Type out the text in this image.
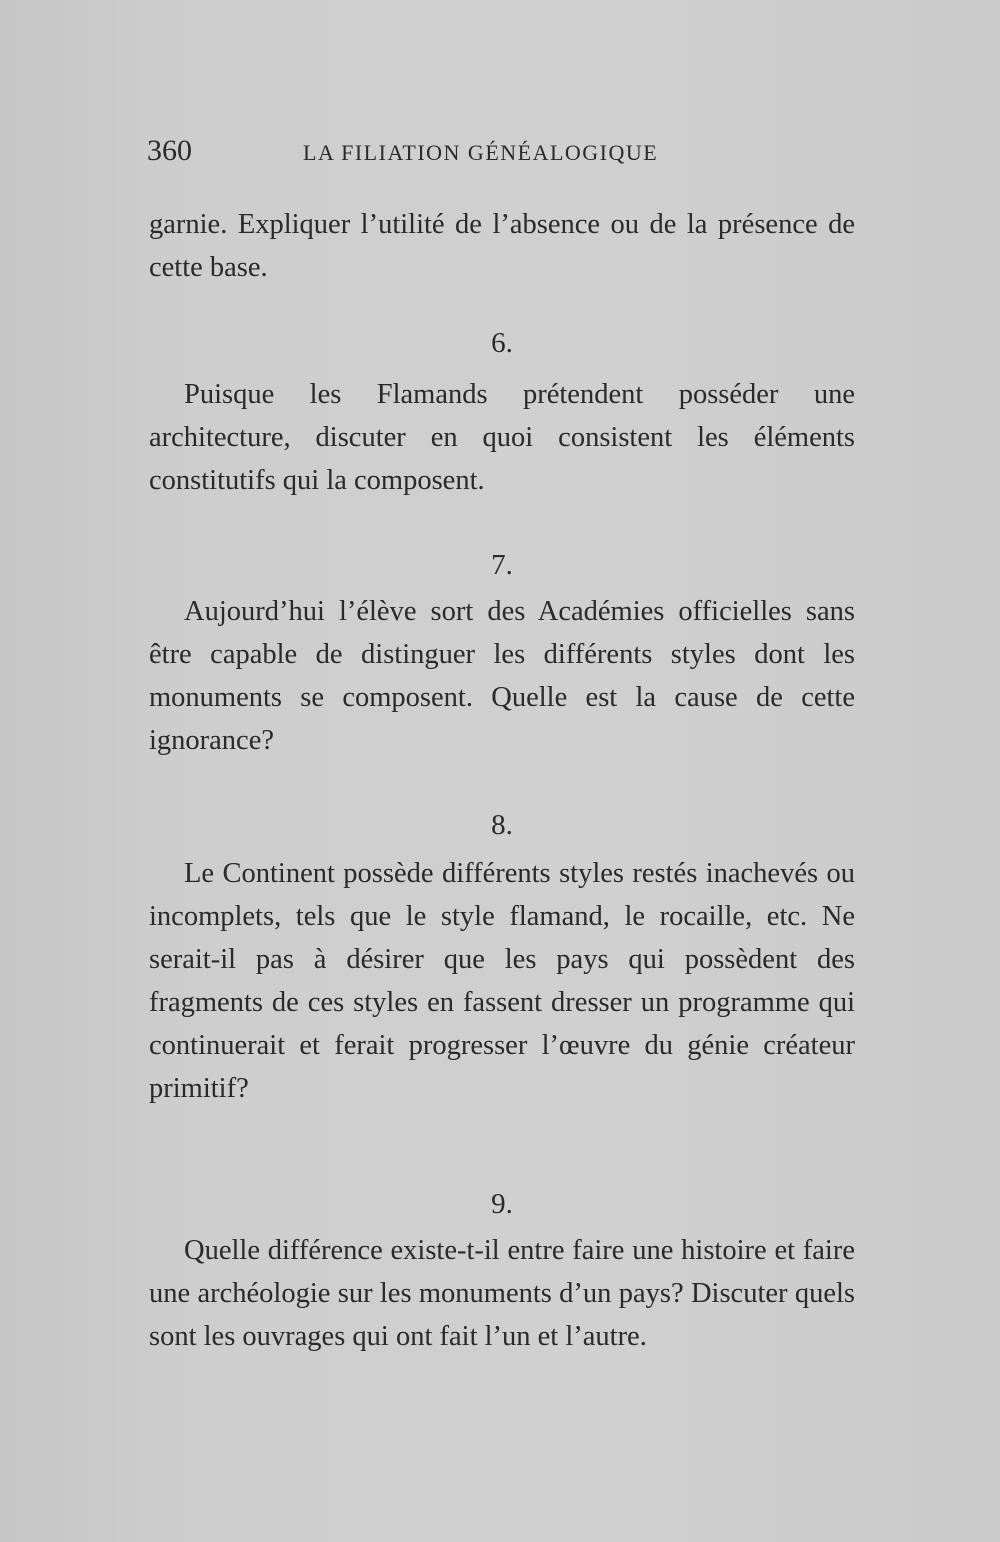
360	LA FILIATION GÉNÉALOGIQUE

garnie. Expliquer l’utilité de l’absence ou de la présence de cette base.

6.

Puisque les Flamands prétendent posséder une architecture, discuter en quoi consistent les éléments constitutifs qui la composent.

7.

Aujourd’hui l’élève sort des Académies officielles sans être capable de distinguer les différents styles dont les monuments se composent. Quelle est la cause de cette ignorance?

8.

Le Continent possède différents styles restés inachevés ou incomplets, tels que le style flamand, le rocaille, etc. Ne serait-il pas à désirer que les pays qui possèdent des fragments de ces styles en fassent dresser un programme qui continuerait et ferait progresser l’œuvre du génie créateur primitif?

9.

Quelle différence existe-t-il entre faire une histoire et faire une archéologie sur les monuments d’un pays? Discuter quels sont les ouvrages qui ont fait l’un et l’autre.
